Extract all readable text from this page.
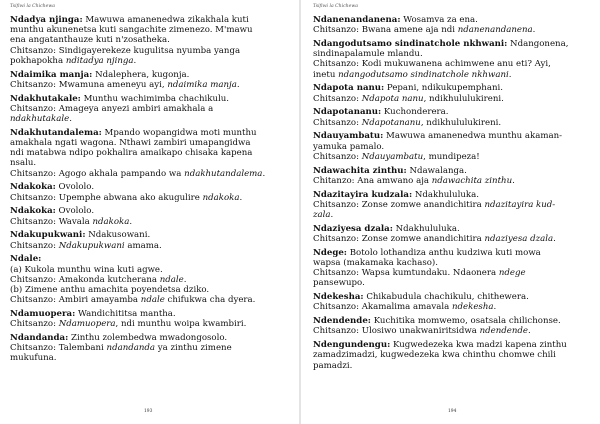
Tsifiwi la Chichewa
Ndadya njinga: Mawuwa amanenedwa zikakhala kuti
munthu akunenetsa kuti sangachite zimenezo. M'mawu
ena angatanthauze kuti n'zosatheka.
Chitsanzo: Sindigayerekeze kugulitsa nyumba yanga
pokhapokha nditadya njinga.
Ndaimika manja: Ndalephera, kugonja.
Chitsanzo: Mwamuna ameneyu ayi, ndaimika manja.
Ndakhutakale: Munthu wachimimba chachikulu.
Chitsanzo: Amageya anyezi ambiri amakhala a
ndakhutakale.
Ndakhutandalema: Mpando wopangidwa moti munthu
amakhala ngati wagona. Nthawi zambiri umapangidwa
ndi matabwa ndipo pokhalira amaikapo chisaka kapena
nsalu.
Chitsanzo: Agogo akhala pampando wa ndakhutandalema.
Ndakoka: Ovololo.
Chitsanzo: Upemphe abwana ako akugulire ndakoka.
Ndakoka: Ovololo.
Chitsanzo: Wavala ndakoka.
Ndakupukwani: Ndakusowani.
Chitsanzo: Ndakupukwani amama.
Ndale:
(a) Kukola munthu wina kuti agwe.
Chitsanzo: Amakonda kutcherana ndale.
(b) Zimene anthu amachita poyendetsa dziko.
Chitsanzo: Ambiri amayamba ndale chifukwa cha dyera.
Ndamuopera: Wandichititsa mantha.
Chitsanzo: Ndamuopera, ndi munthu woipa kwambiri.
Ndandanda: Zinthu zolembedwa mwadongosolo.
Chitsanzo: Talembani ndandanda ya zinthu zimene
mukufuna.
193
Tsifiwi la Chichewa
Ndanenandanena: Wosamva za ena.
Chitsanzo: Bwana amene aja ndi ndanenandanena.
Ndangodutsamo sindinatchole nkhwani: Ndangonena,
sindinapalamule mlandu.
Chitsanzo: Kodi mukuwanena achimwene anu eti? Ayi,
inetu ndangodutsamo sindinatchole nkhwani.
Ndapota nanu: Pepani, ndikukupemphani.
Chitsanzo: Ndapota nanu, ndikhululukireni.
Ndapotananu: Kuchonderera.
Chitsanzo: Ndapotananu, ndikhululukireni.
Ndauyambatu: Mawuwa amanenedwa munthu akaman-
yamuka pamalo.
Chitsanzo: Ndauyambatu, mundipeza!
Ndawachita zinthu: Ndawalanga.
Chitanzo: Ana amwano aja ndawachita zinthu.
Ndazitayira kudzala: Ndakhululuka.
Chitsanzo: Zonse zomwe anandichitira ndazitayira kud-
zala.
Ndaziyesa dzala: Ndakhululuka.
Chitsanzo: Zonse zomwe anandichitira ndaziyesa dzala.
Ndege: Botolo lothandiza anthu kudziwa kuti mowa
wapsa (makamaka kachaso).
Chitsanzo: Wapsa kumtundaku. Ndaonera ndege
pansewupo.
Ndekesha: Chikabudula chachikulu, chithewera.
Chitsanzo: Akamalima amavala ndekesha.
Ndendende: Kuchitika momwemo, osatsala chilichonse.
Chitsanzo: Ulosiwo unakwaniritsidwa ndendende.
Ndengundengu: Kugwedezeka kwa madzi kapena zinthu
zamadzimadzi, kugwedezeka kwa chinthu chomwe chili
pamadzi.
194
